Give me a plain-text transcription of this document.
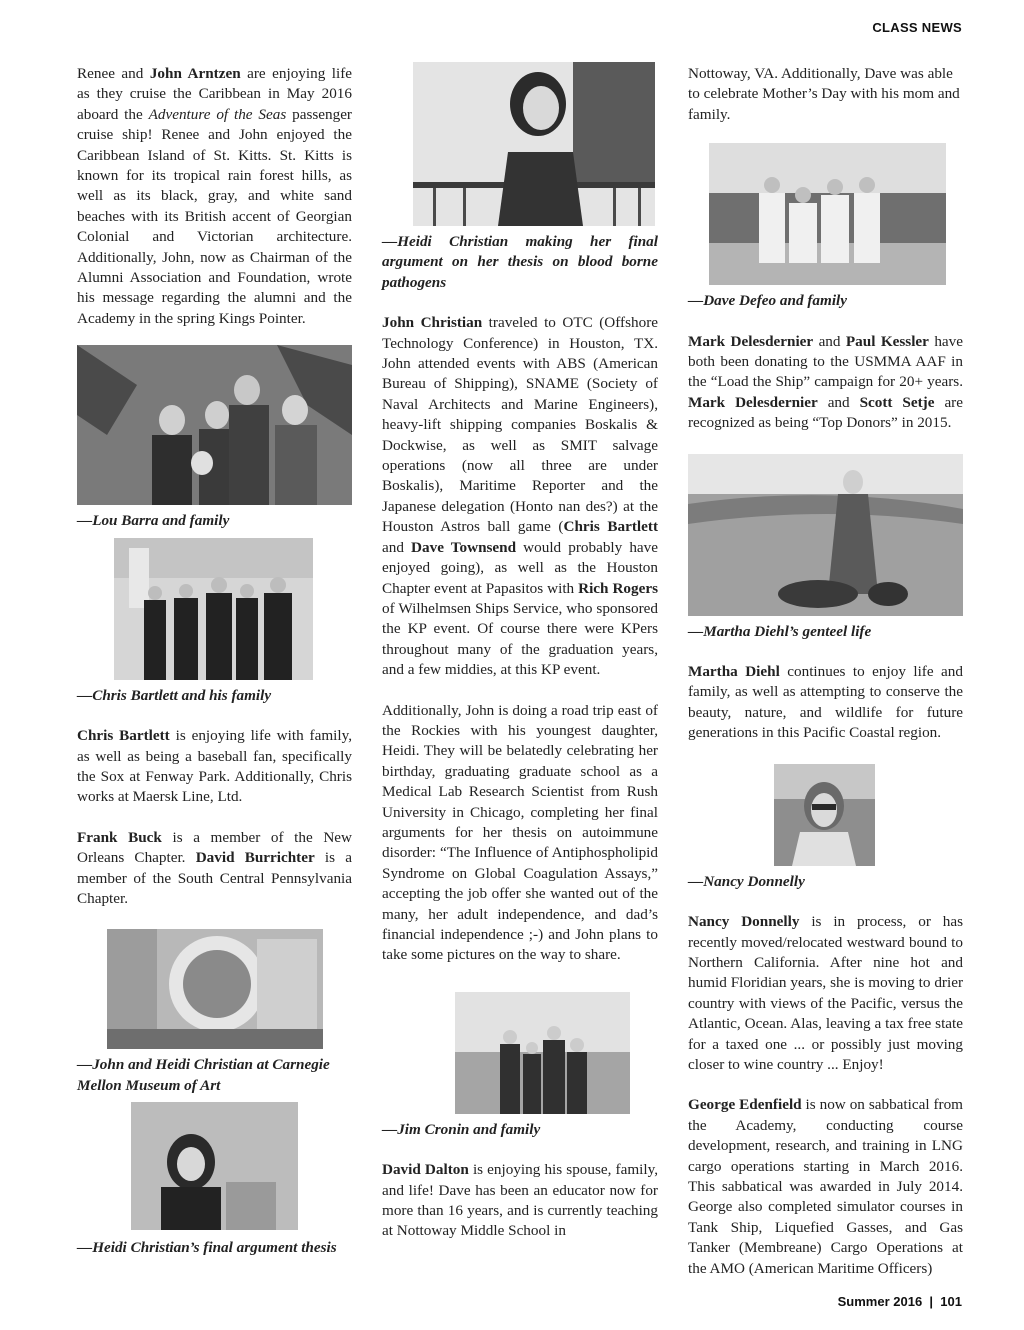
CLASS NEWS

Renee and John Arntzen are enjoying life as they cruise the Caribbean in May 2016 aboard the Adventure of the Seas passenger cruise ship! Renee and John enjoyed the Caribbean Island of St. Kitts. St. Kitts is known for its tropical rain forest hills, as well as its black, gray, and white sand beaches with its British accent of Georgian Colonial and Victorian architecture. Additionally, John, now as Chairman of the Alumni Association and Foundation, wrote his message regarding the alumni and the Academy in the spring Kings Pointer.

—Lou Barra and family

—Chris Bartlett and his family

Chris Bartlett is enjoying life with family, as well as being a baseball fan, specifically the Sox at Fenway Park. Additionally, Chris works at Maersk Line, Ltd.

Frank Buck is a member of the New Orleans Chapter. David Burrichter is a member of the South Central Pennsylvania Chapter.

—John and Heidi Christian at Carnegie Mellon Museum of Art

—Heidi Christian’s final argument thesis

—Heidi Christian making her final argument on her thesis on blood borne pathogens

John Christian traveled to OTC (Offshore Technology Conference) in Houston, TX. John attended events with ABS (American Bureau of Shipping), SNAME (Society of Naval Architects and Marine Engineers), heavy-lift shipping companies Boskalis & Dockwise, as well as SMIT salvage operations (now all three are under Boskalis), Maritime Reporter and the Japanese delegation (Honto nan des?) at the Houston Astros ball game (Chris Bartlett and Dave Townsend would probably have enjoyed going), as well as the Houston Chapter event at Papasitos with Rich Rogers of Wilhelmsen Ships Service, who sponsored the KP event. Of course there were KPers throughout many of the graduation years, and a few middies, at this KP event.

Additionally, John is doing a road trip east of the Rockies with his youngest daughter, Heidi. They will be belatedly celebrating her birthday, graduating graduate school as a Medical Lab Research Scientist from Rush University in Chicago, completing her final arguments for her thesis on autoimmune disorder: “The Influence of Antiphospholipid Syndrome on Global Coagulation Assays,” accepting the job offer she wanted out of the many, her adult independence, and dad’s financial independence ;-) and John plans to take some pictures on the way to share.

—Jim Cronin and family

David Dalton is enjoying his spouse, family, and life! Dave has been an educator now for more than 16 years, and is currently teaching at Nottoway Middle School in

Nottoway, VA. Additionally, Dave was able to celebrate Mother’s Day with his mom and family.

—Dave Defeo and family

Mark Delesdernier and Paul Kessler have both been donating to the USMMA AAF in the “Load the Ship” campaign for 20+ years. Mark Delesdernier and Scott Setje are recognized as being “Top Donors” in 2015.

—Martha Diehl’s genteel life

Martha Diehl continues to enjoy life and family, as well as attempting to conserve the beauty, nature, and wildlife for future generations in this Pacific Coastal region.

—Nancy Donnelly

Nancy Donnelly is in process, or has recently moved/relocated westward bound to Northern California. After nine hot and humid Floridian years, she is moving to drier country with views of the Pacific, versus the Atlantic, Ocean. Alas, leaving a tax free state for a taxed one ... or possibly just moving closer to wine country ... Enjoy!

George Edenfield is now on sabbatical from the Academy, conducting course development, research, and training in LNG cargo operations starting in March 2016. This sabbatical was awarded in July 2014. George also completed simulator courses in Tank Ship, Liquefied Gasses, and Gas Tanker (Membreane) Cargo Operations at the AMO (American Maritime Officers)

Summer 2016 | 101
